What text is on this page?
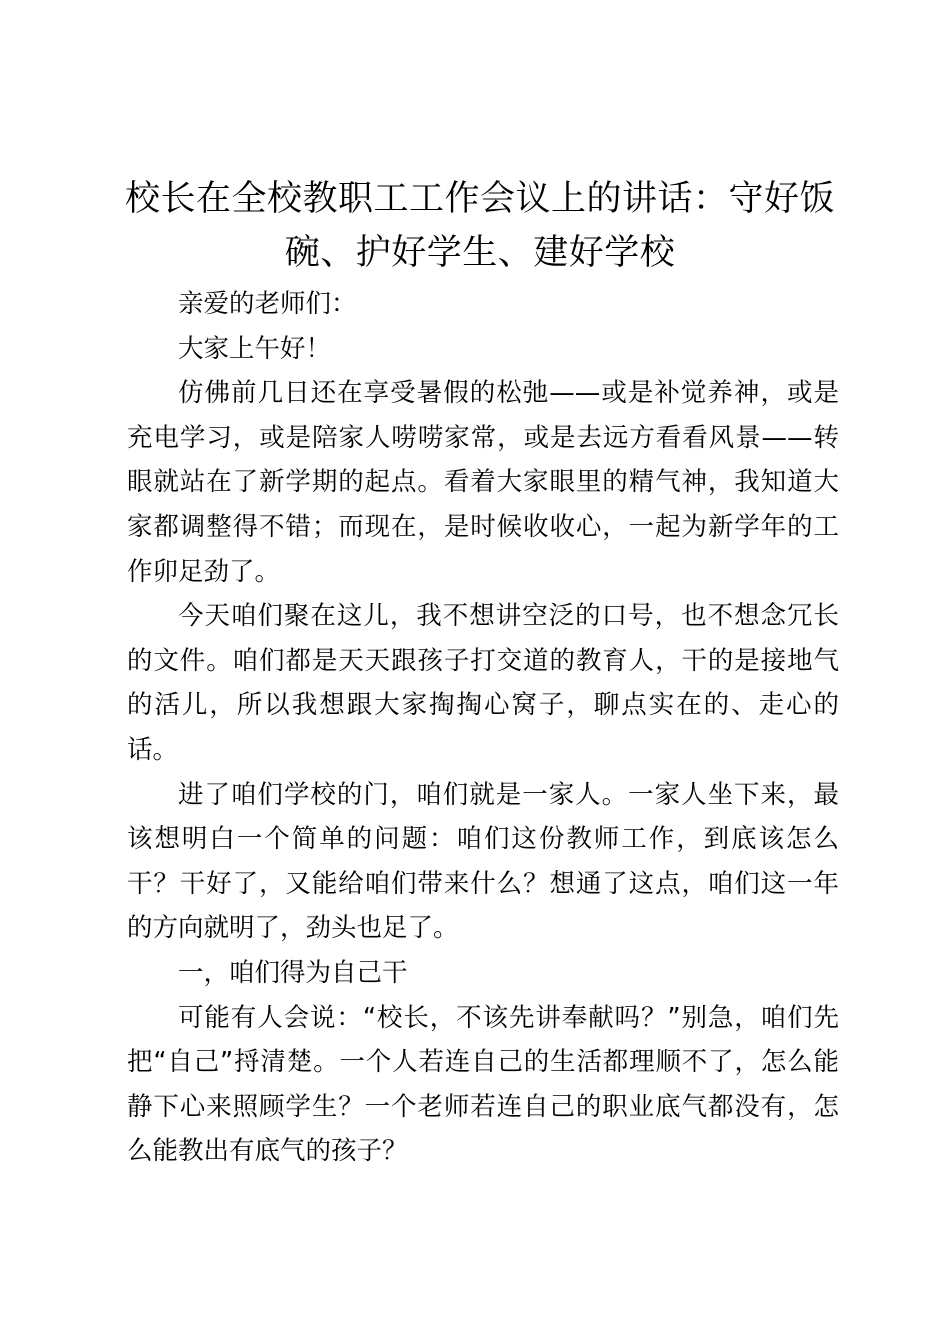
校长在全校教职工工作会议上的讲话：守好饭碗、护好学生、建好学校

亲爱的老师们：

大家上午好！

仿佛前几日还在享受暑假的松弛——或是补觉养神，或是充电学习，或是陪家人唠唠家常，或是去远方看看风景——转眼就站在了新学期的起点。看着大家眼里的精气神，我知道大家都调整得不错；而现在，是时候收收心，一起为新学年的工作卯足劲了。

今天咱们聚在这儿，我不想讲空泛的口号，也不想念冗长的文件。咱们都是天天跟孩子打交道的教育人，干的是接地气的活儿，所以我想跟大家掏掏心窝子，聊点实在的、走心的话。

进了咱们学校的门，咱们就是一家人。一家人坐下来，最该想明白一个简单的问题：咱们这份教师工作，到底该怎么干？干好了，又能给咱们带来什么？想通了这点，咱们这一年的方向就明了，劲头也足了。

一，咱们得为自己干

可能有人会说：“校长，不该先讲奉献吗？”别急，咱们先把“自己”捋清楚。一个人若连自己的生活都理顺不了，怎么能静下心来照顾学生？一个老师若连自己的职业底气都没有，怎么能教出有底气的孩子？
